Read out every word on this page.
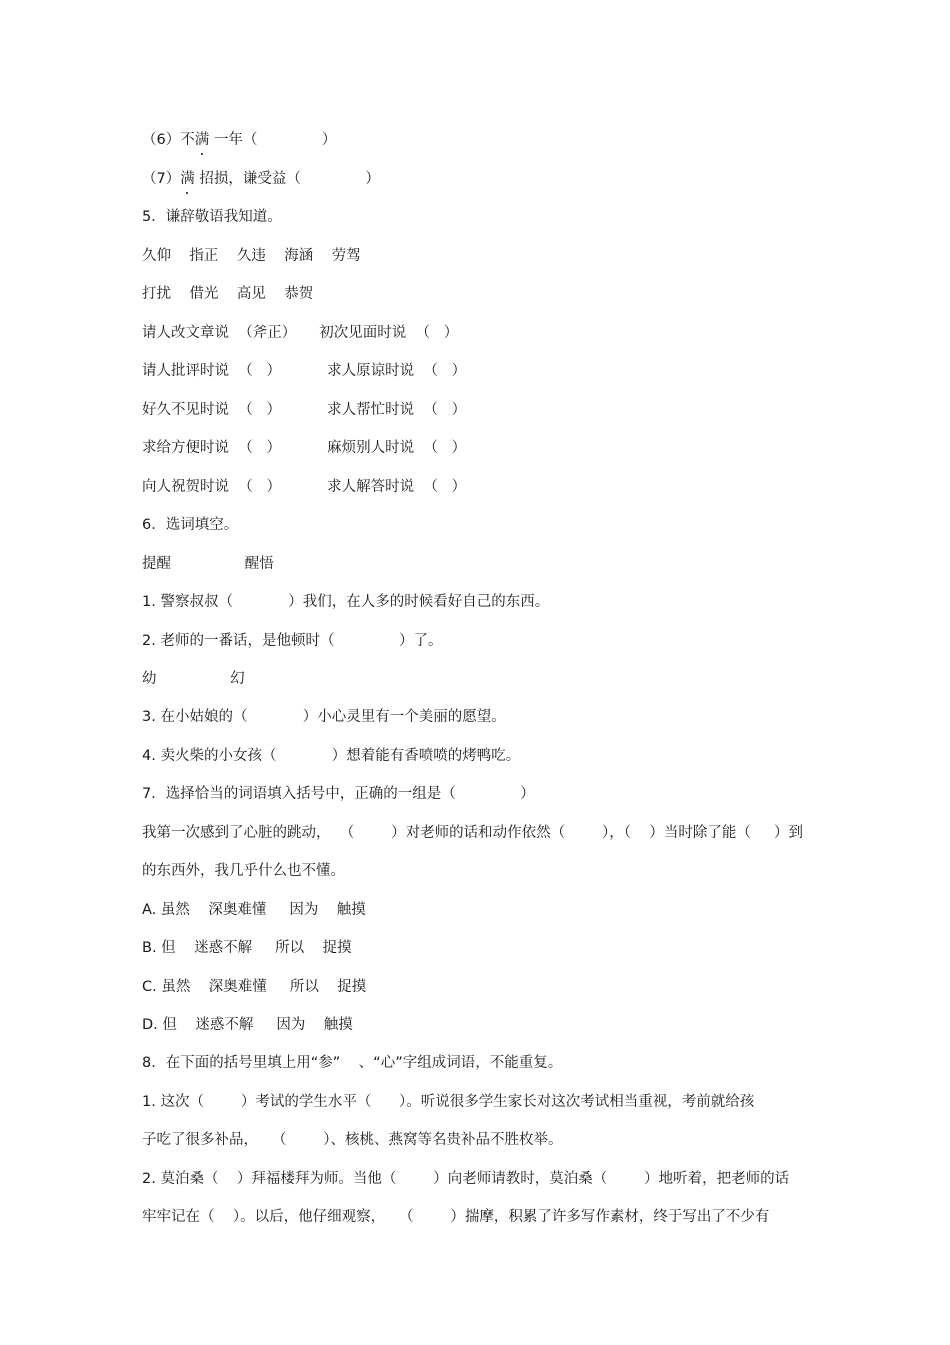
（6）不满 一年（              ）
（7）满 招损，谦受益（              ）
5．谦辞敬语我知道。
久仰    指正    久违    海涵    劳驾
打扰    借光    高见    恭贺
请人改文章说  （斧正）     初次见面时说  （   ）
请人批评时说  （   ）          求人原谅时说  （   ）
好久不见时说  （   ）          求人帮忙时说  （   ）
求给方便时说  （   ）          麻烦别人时说  （   ）
向人祝贺时说  （   ）          求人解答时说  （   ）
6．选词填空。
提醒                醒悟
1. 警察叔叔（            ）我们，在人多的时候看好自己的东西。
2. 老师的一番话，是他顿时（              ）了。
幼                幻
3. 在小姑娘的（            ）小心灵里有一个美丽的愿望。
4. 卖火柴的小女孩（            ）想着能有香喷喷的烤鸭吃。
7．选择恰当的词语填入括号中，正确的一组是（              ）
我第一次感到了心脏的跳动，  （        ）对老师的话和动作依然（        ），（    ）当时除了能（     ）到
的东西外，我几乎什么也不懂。
A. 虽然    深奥难懂     因为    触摸
B. 但    迷惑不解     所以    捉摸
C. 虽然    深奥难懂     所以    捉摸
D. 但    迷惑不解     因为    触摸
8．在下面的括号里填上用“参”    、“心”字组成词语，不能重复。
1. 这次（        ）考试的学生水平（      ）。听说很多学生家长对这次考试相当重视，考前就给孩
子吃了很多补品，   （        ）、核桃、燕窝等名贵补品不胜枚举。
2. 莫泊桑（    ）拜福楼拜为师。当他（        ）向老师请教时，莫泊桑（        ）地听着，把老师的话
牢牢记在（    ）。以后，他仔细观察，   （        ）揣摩，积累了许多写作素材，终于写出了不少有
